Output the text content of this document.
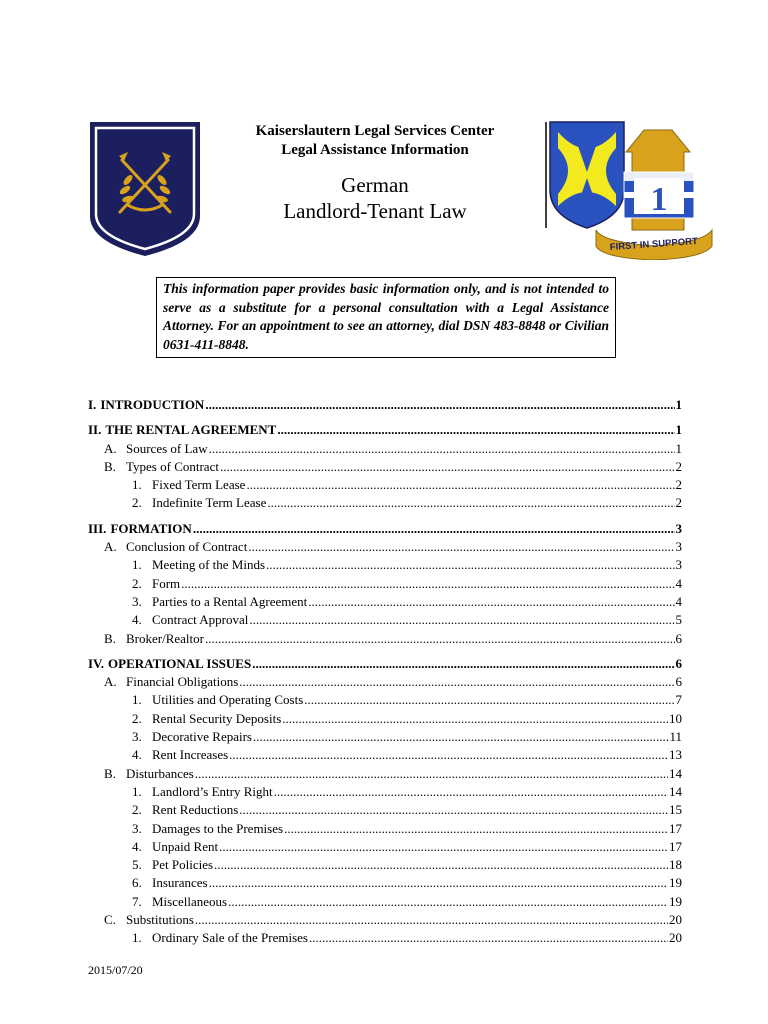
Kaiserslautern Legal Services Center
Legal Assistance Information
German
Landlord-Tenant Law	1
FIRST IN SUPPORT
This information paper provides basic information only, and is not intended to serve as a substitute for a personal consultation with a Legal Assistance Attorney. For an appointment to see an attorney, dial DSN 483-8848 or Civilian 0631-411-8848.
I. INTRODUCTION .....	1
II. THE RENTAL AGREEMENT .....	1
A. Sources of Law .....	1
B. Types of Contract .....	2
1. Fixed Term Lease .....	2
2. Indefinite Term Lease .....	2
III. FORMATION .....	3
A. Conclusion of Contract .....	3
1. Meeting of the Minds .....	3
2. Form .....	4
3. Parties to a Rental Agreement .....	4
4. Contract Approval .....	5
B. Broker/Realtor .....	6
IV. OPERATIONAL ISSUES .....	6
A. Financial Obligations .....	6
1. Utilities and Operating Costs .....	7
2. Rental Security Deposits .....	10
3. Decorative Repairs .....	11
4. Rent Increases .....	13
B. Disturbances .....	14
1. Landlord’s Entry Right .....	14
2. Rent Reductions .....	15
3. Damages to the Premises .....	17
4. Unpaid Rent .....	17
5. Pet Policies .....	18
6. Insurances .....	19
7. Miscellaneous .....	19
C. Substitutions .....	20
1. Ordinary Sale of the Premises .....	20
2015/07/20
